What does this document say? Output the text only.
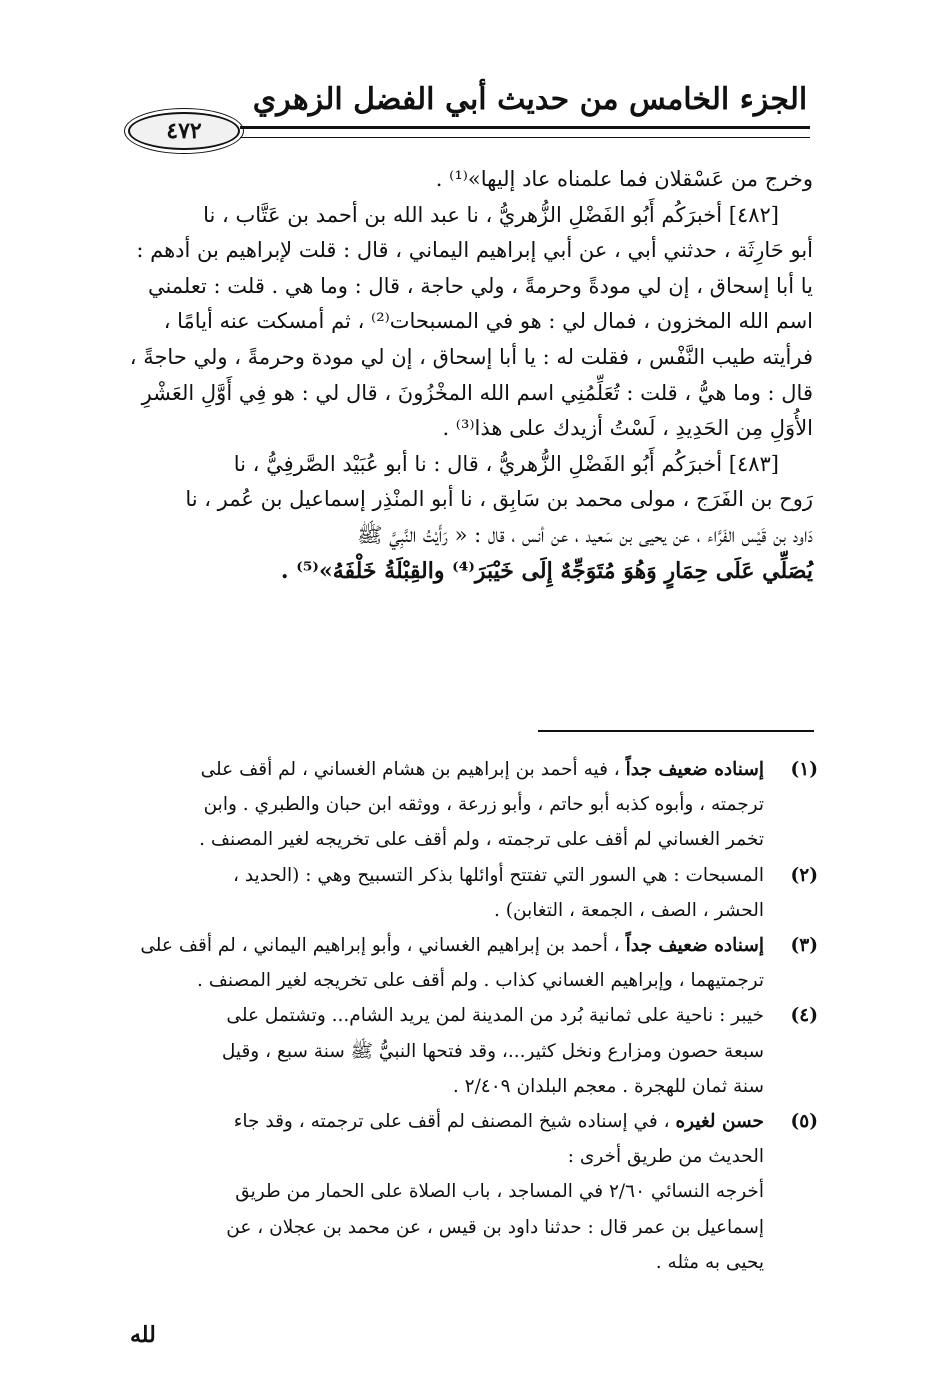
٤٧٢
الجزء الخامس من حديث أبي الفضل الزهري

وخرج من عَسْقلان فما علمناه عاد إليها»⁽¹⁾ .

[٤٨٢] أخبرَكُم أَبُو الفَضْلِ الزُّهريُّ ، نا عبد الله بن أحمد بن عَتَّاب ، نا

أبو حَارِثَة ، حدثني أبي ، عن أبي إبراهيم اليماني ، قال : قلت لإبراهيم بن أدهم :

يا أبا إسحاق ، إن لي مودةً وحرمةً ، ولي حاجة ، قال : وما هي . قلت : تعلمني

اسم الله المخزون ، فمال لي : هو في المسبحات⁽²⁾ ، ثم أمسكت عنه أيامًا ،

فرأيته طيب النَّفْس ، فقلت له : يا أبا إسحاق ، إن لي مودة وحرمةً ، ولي حاجةً ،

قال : وما هيُّ ، قلت : تُعَلِّمُنِي اسم الله المخْزُونَ ، قال لي : هو فِي أَوَّلِ العَشْرِ

الأُوَلِ مِن الحَدِيدِ ، لَسْتُ أزيدك على هذا⁽³⁾ .

[٤٨٣] أخبرَكُم أَبُو الفَضْلِ الزُّهريُّ ، قال : نا أبو عُبَيْد الصَّرفِيُّ ، نا

رَوح بن الفَرَج ، مولى محمد بن سَابِق ، نا أبو المنْذِر إسماعيل بن عُمر ، نا

دَاود بن قَيْس الفَرَّاء ، عن يحيى بن سَعيد ، عن أنس ، قال : « رَأَيْتُ النَّبِيَّ ﷺ

يُصَلِّي عَلَى حِمَارٍ وَهُوَ مُتَوَجِّهٌ إِلَى خَيْبَرَ⁽⁴⁾ والقِبْلَةُ خَلْفَهُ»⁽⁵⁾ .

(١)

إسناده ضعيف جداً ، فيه أحمد بن إبراهيم بن هشام الغساني ، لم أقف على

ترجمته ، وأبوه كذبه أبو حاتم ، وأبو زرعة ، ووثقه ابن حبان والطبري . وابن

تخمر الغساني لم أقف على ترجمته ، ولم أقف على تخريجه لغير المصنف .

(٢)

المسبحات : هي السور التي تفتتح أوائلها بذكر التسبيح وهي : (الحديد ،

الحشر ، الصف ، الجمعة ، التغابن) .

(٣)

إسناده ضعيف جداً ، أحمد بن إبراهيم الغساني ، وأبو إبراهيم اليماني ، لم أقف على

ترجمتيهما ، وإبراهيم الغساني كذاب . ولم أقف على تخريجه لغير المصنف .

(٤)

خيبر : ناحية على ثمانية بُرد من المدينة لمن يريد الشام... وتشتمل على

سبعة حصون ومزارع ونخل كثير...، وقد فتحها النبيُّ ﷺ سنة سبع ، وقيل

سنة ثمان للهجرة . معجم البلدان ٢/٤٠٩ .

(٥)

حسن لغيره ، في إسناده شيخ المصنف لم أقف على ترجمته ، وقد جاء

الحديث من طريق أخرى :

أخرجه النسائي ٢/٦٠ في المساجد ، باب الصلاة على الحمار من طريق

إسماعيل بن عمر قال : حدثنا داود بن قيس ، عن محمد بن عجلان ، عن

يحيى به مثله .

لله
